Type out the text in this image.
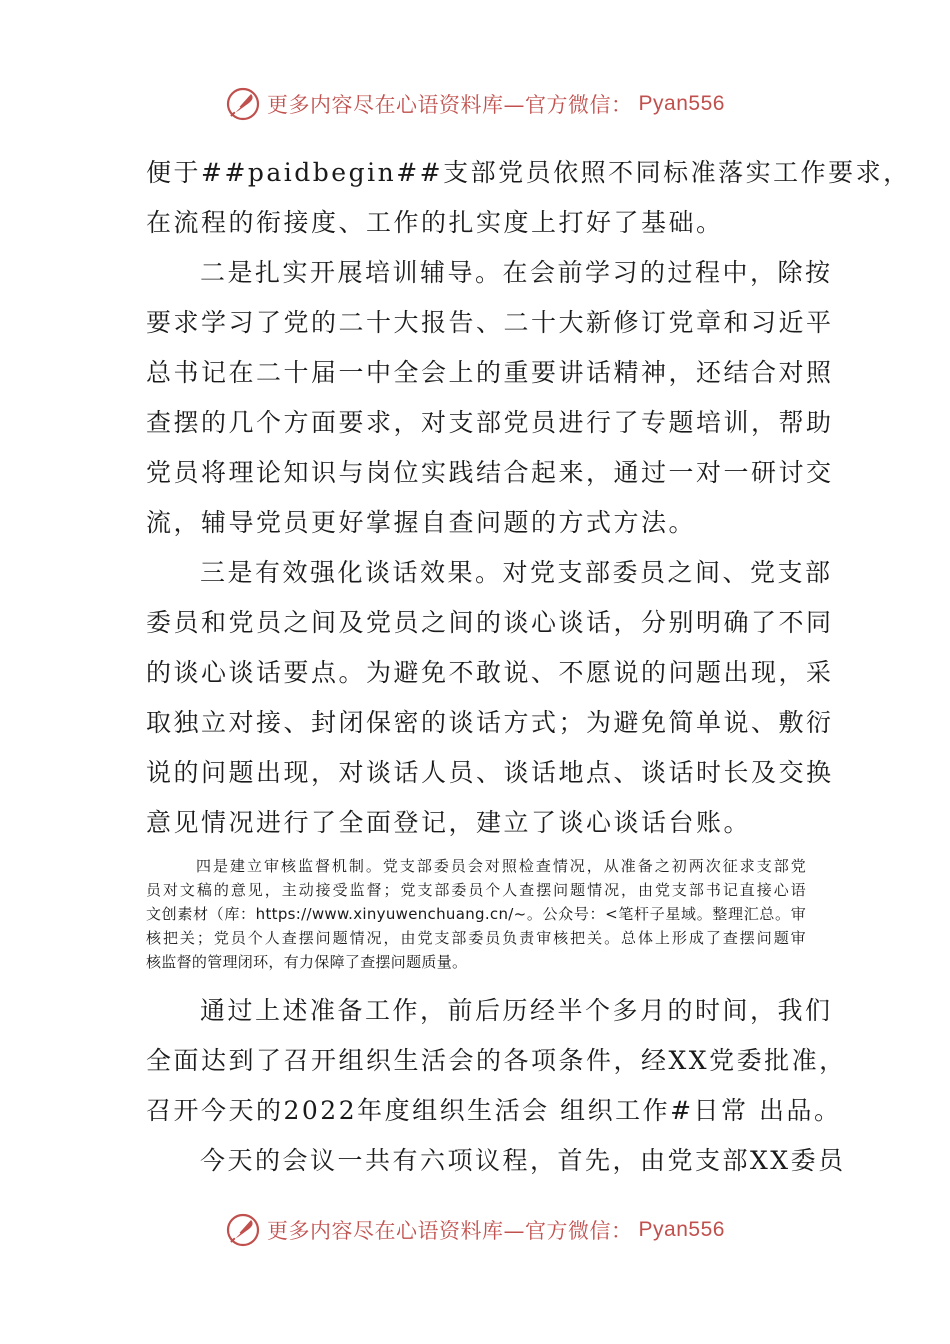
更多内容尽在心语资料库—官方微信： Pyan556
便于##paidbegin##支部党员依照不同标准落实工作要求，
在流程的衔接度、工作的扎实度上打好了基础。
二是扎实开展培训辅导。在会前学习的过程中，除按
要求学习了党的二十大报告、二十大新修订党章和习近平
总书记在二十届一中全会上的重要讲话精神，还结合对照
查摆的几个方面要求，对支部党员进行了专题培训，帮助
党员将理论知识与岗位实践结合起来，通过一对一研讨交
流，辅导党员更好掌握自查问题的方式方法。
三是有效强化谈话效果。对党支部委员之间、党支部
委员和党员之间及党员之间的谈心谈话，分别明确了不同
的谈心谈话要点。为避免不敢说、不愿说的问题出现，采
取独立对接、封闭保密的谈话方式；为避免简单说、敷衍
说的问题出现，对谈话人员、谈话地点、谈话时长及交换
意见情况进行了全面登记，建立了谈心谈话台账。
四是建立审核监督机制。党支部委员会对照检查情况，从准备之初两次征求支部党
员对文稿的意见，主动接受监督；党支部委员个人查摆问题情况，由党支部书记直接心语
文创素材（库：https://www.xinyuwenchuang.cn/~。公众号：<笔杆子星域。整理汇总。审
核把关；党员个人查摆问题情况，由党支部委员负责审核把关。总体上形成了查摆问题审
核监督的管理闭环，有力保障了查摆问题质量。
通过上述准备工作，前后历经半个多月的时间，我们
全面达到了召开组织生活会的各项条件，经XX党委批准，
召开今天的2022年度组织生活会 组织工作#日常 出品。
今天的会议一共有六项议程，首先，由党支部XX委员
更多内容尽在心语资料库—官方微信： Pyan556
